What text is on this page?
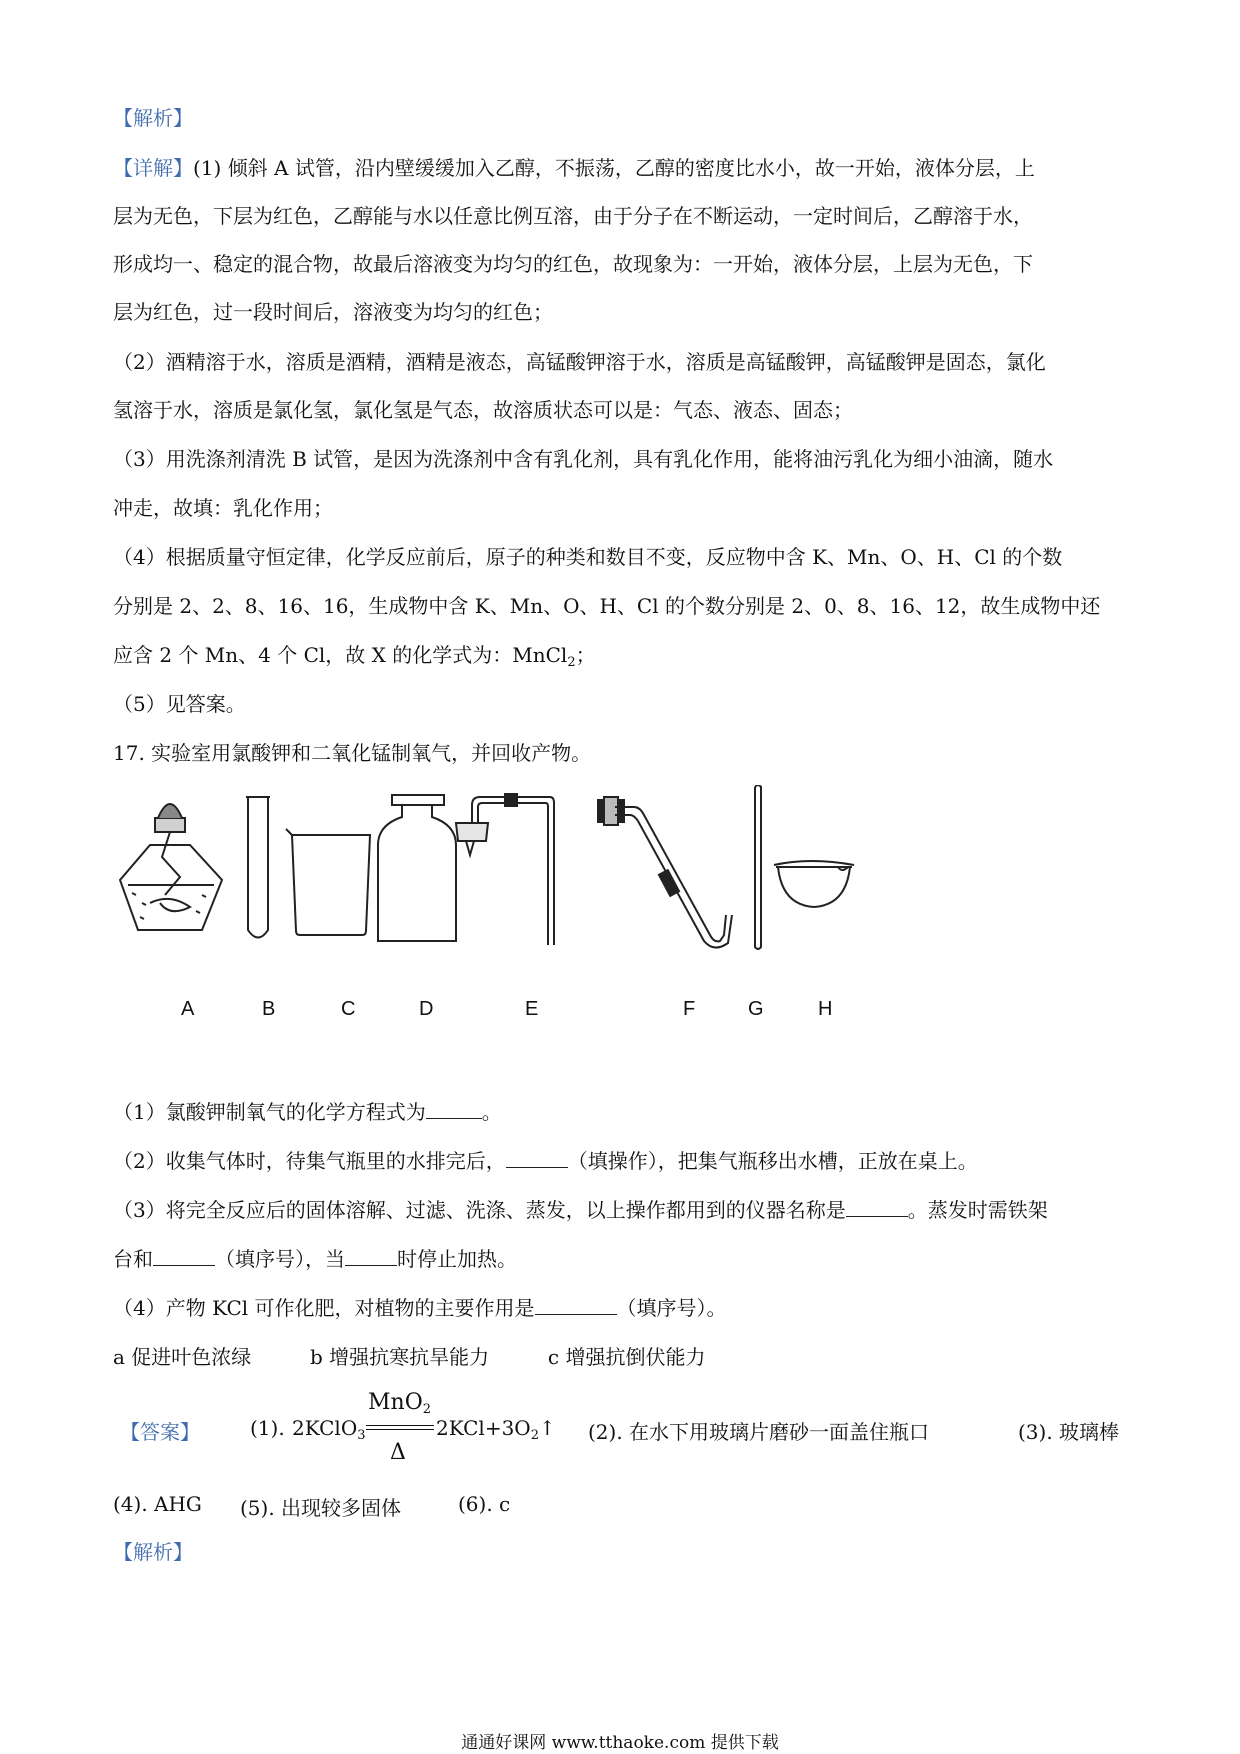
【解析】
【详解】(1) 倾斜 A 试管，沿内壁缓缓加入乙醇，不振荡，乙醇的密度比水小，故一开始，液体分层，上
层为无色，下层为红色，乙醇能与水以任意比例互溶，由于分子在不断运动，一定时间后，乙醇溶于水，
形成均一、稳定的混合物，故最后溶液变为均匀的红色，故现象为：一开始，液体分层，上层为无色，下
层为红色，过一段时间后，溶液变为均匀的红色；
（2）酒精溶于水，溶质是酒精，酒精是液态，高锰酸钾溶于水，溶质是高锰酸钾，高锰酸钾是固态，氯化
氢溶于水，溶质是氯化氢，氯化氢是气态，故溶质状态可以是：气态、液态、固态；
（3）用洗涤剂清洗 B 试管，是因为洗涤剂中含有乳化剂，具有乳化作用，能将油污乳化为细小油滴，随水
冲走，故填：乳化作用；
（4）根据质量守恒定律，化学反应前后，原子的种类和数目不变，反应物中含 K、Mn、O、H、Cl 的个数
分别是 2、2、8、16、16，生成物中含 K、Mn、O、H、Cl 的个数分别是 2、0、8、16、12，故生成物中还
应含 2 个 Mn、4 个 Cl，故 X 的化学式为：MnCl$_2$；
（5）见答案。
17. 实验室用氯酸钾和二氧化锰制氧气，并回收产物。
A	B	C	D	E	F	G	H
（1）氯酸钾制氧气的化学方程式为	。
（2）收集气体时，待集气瓶里的水排完后，	（填操作），把集气瓶移出水槽，正放在桌上。
（3）将完全反应后的固体溶解、过滤、洗涤、蒸发，以上操作都用到的仪器名称是	。蒸发时需铁架
台和	（填序号），当	时停止加热。
（4）产物 KCl 可作化肥，对植物的主要作用是	（填序号）。
a 促进叶色浓绿	b 增强抗寒抗旱能力	c 增强抗倒伏能力
【答案】	(1). 2KClO$_3$
MnO$_2$
Δ
$2KCl+3O_2↑$ (2). 在水下用玻璃片磨砂一面盖住瓶口	(3). 玻璃棒
(4). AHG (5). 出现较多固体	(6). c
【解析】
通通好课网 www.tthaoke.com 提供下载
